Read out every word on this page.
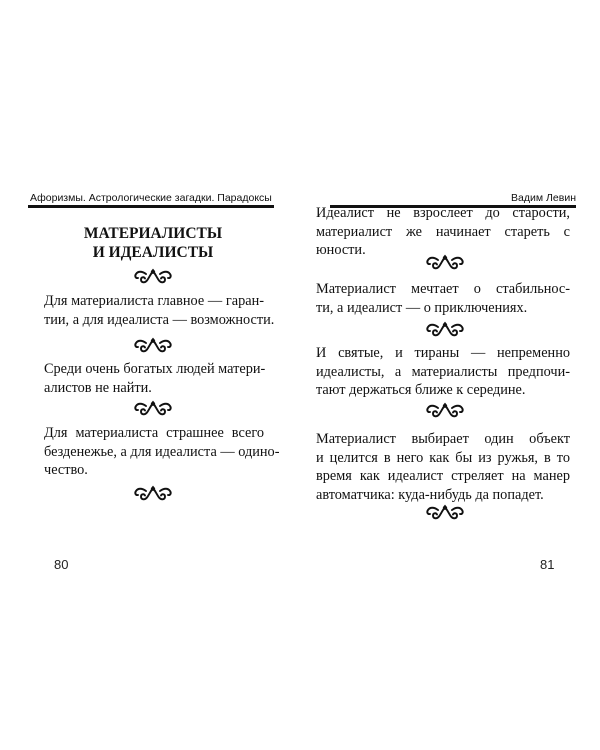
Афоризмы. Астрологические загадки. Парадоксы
МАТЕРИАЛИСТЫ
И ИДЕАЛИСТЫ

Для материалиста главное — гаран-
тии, а для идеалиста — возможности.

Среди очень богатых людей матери-
алистов не найти.

Для материалиста страшнее всего
безденежье, а для идеалиста — одино-
чество.

80
Вадим Левин

Идеалист не взрослеет до старости,
материалист же начинает стареть с
юности.

Материалист мечтает о стабильнос-
ти, а идеалист — о приключениях.

И святые, и тираны — непременно
идеалисты, а материалисты предпочи-
тают держаться ближе к середине.

Материалист выбирает один объект
и целится в него как бы из ружья, в то
время как идеалист стреляет на манер
автоматчика: куда-нибудь да попадет.

81
